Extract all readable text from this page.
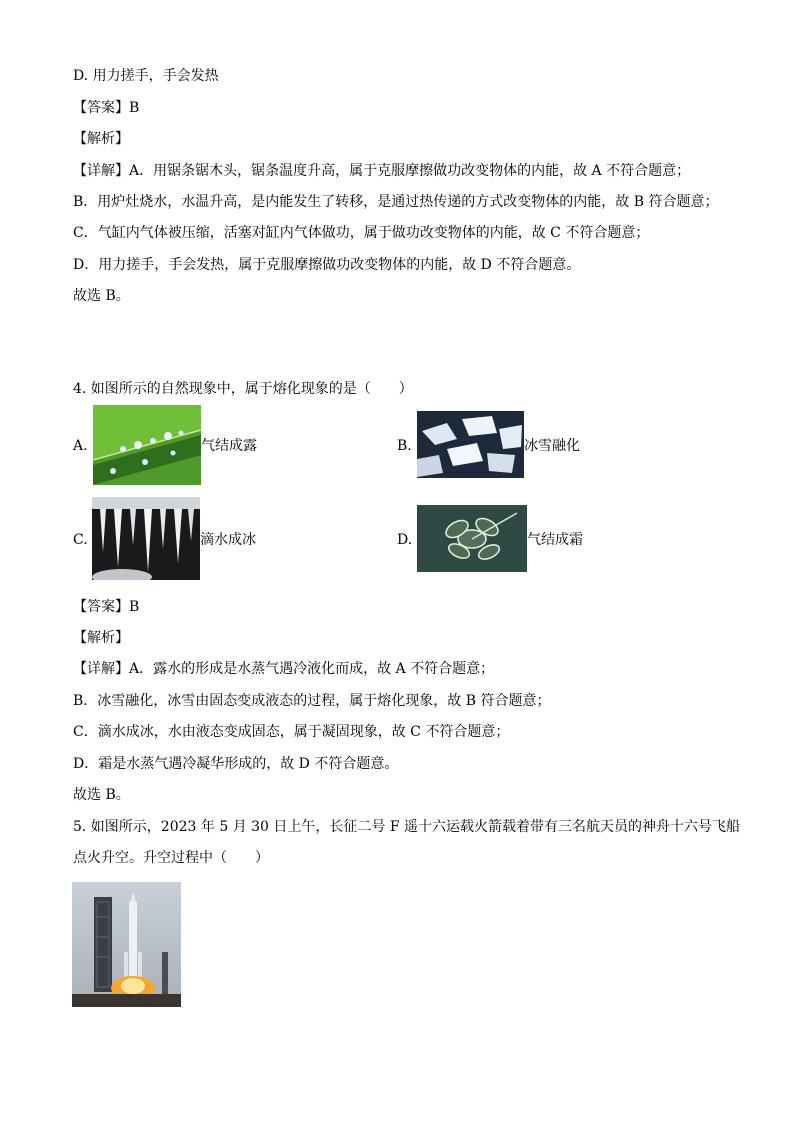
D. 用力搓手，手会发热
【答案】B
【解析】
【详解】A．用锯条锯木头，锯条温度升高，属于克服摩擦做功改变物体的内能，故 A 不符合题意；
B．用炉灶烧水，水温升高，是内能发生了转移，是通过热传递的方式改变物体的内能，故 B 符合题意；
C．气缸内气体被压缩，活塞对缸内气体做功，属于做功改变物体的内能，故 C 不符合题意；
D．用力搓手，手会发热，属于克服摩擦做功改变物体的内能，故 D 不符合题意。
故选 B。
4. 如图所示的自然现象中，属于熔化现象的是（　　）
A.	气结成露	B.	冰雪融化
C.	滴水成冰	D.	气结成霜
【答案】B
【解析】
【详解】A．露水的形成是水蒸气遇冷液化而成，故 A 不符合题意；
B．冰雪融化，冰雪由固态变成液态的过程，属于熔化现象，故 B 符合题意；
C．滴水成冰，水由液态变成固态，属于凝固现象，故 C 不符合题意；
D．霜是水蒸气遇冷凝华形成的，故 D 不符合题意。
故选 B。
5. 如图所示，2023 年 5 月 30 日上午，长征二号 F 遥十六运载火箭载着带有三名航天员的神舟十六号飞船
点火升空。升空过程中（　　）
